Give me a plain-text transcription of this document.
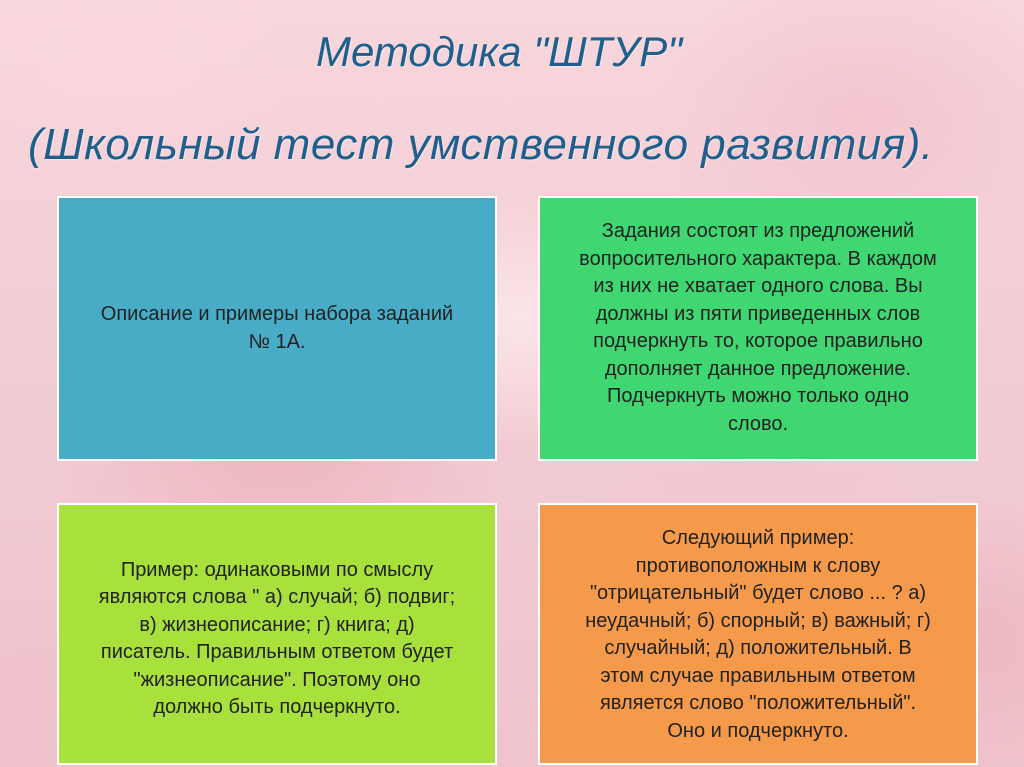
Методика "ШТУР"
(Школьный тест умственного развития).
Описание и примеры набора заданий
№ 1А.
Задания состоят из предложений
вопросительного характера. В каждом
из них не хватает одного слова. Вы
должны из пяти приведенных слов
подчеркнуть то, которое правильно
дополняет данное предложение.
Подчеркнуть можно только одно
слово.
Пример: одинаковыми по смыслу
являются слова " а) случай; б) подвиг;
в) жизнеописание; г) книга; д)
писатель. Правильным ответом будет
"жизнеописание". Поэтому оно
должно быть подчеркнуто.
Следующий пример:
противоположным к слову
"отрицательный" будет слово ... ? а)
неудачный; б) спорный; в) важный; г)
случайный; д) положительный. В
этом случае правильным ответом
является слово "положительный".
Оно и подчеркнуто.
